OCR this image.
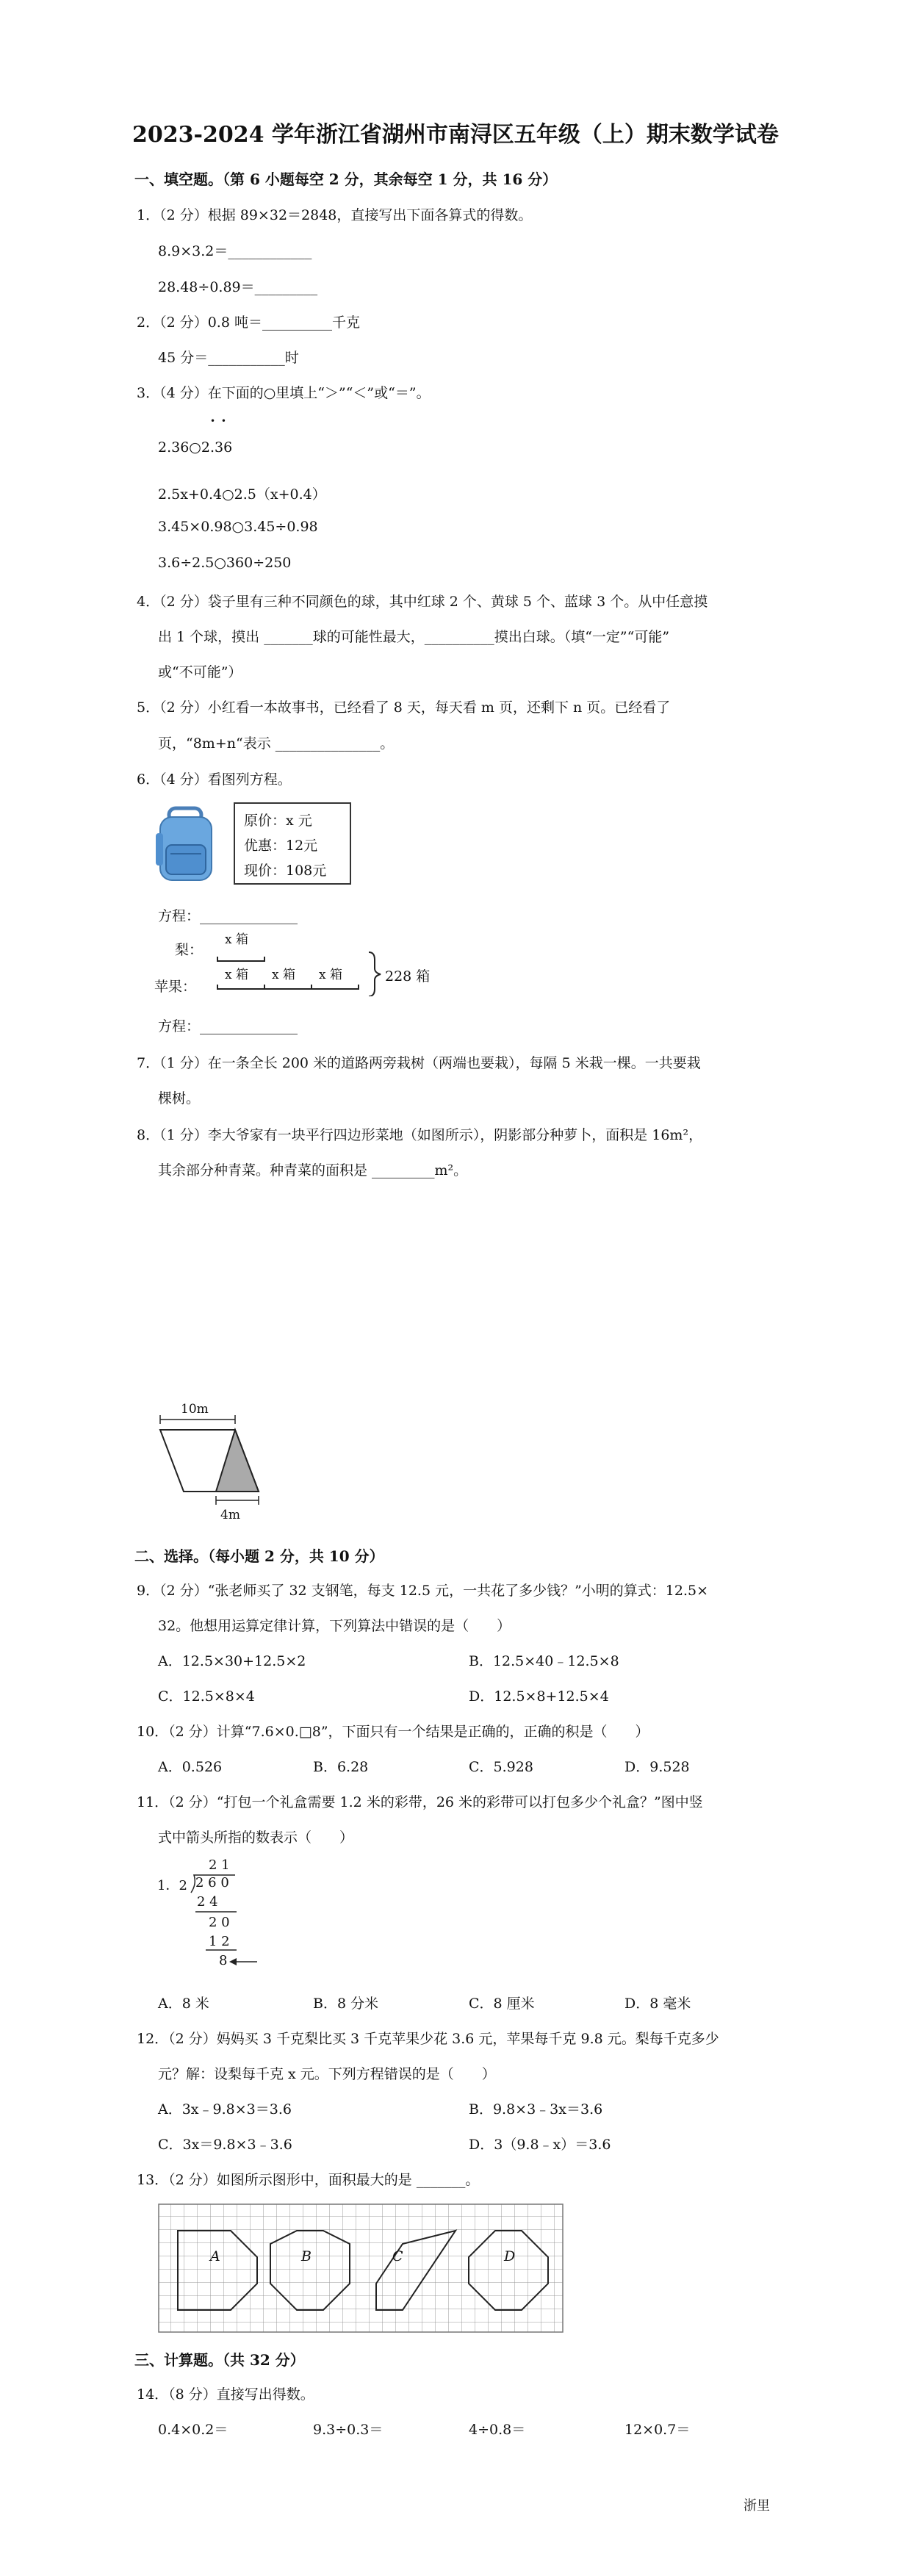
2023-2024 学年浙江省湖州市南浔区五年级（上）期末数学试卷
一、填空题。（第 6 小题每空 2 分，其余每空 1 分，共 16 分）
1．（2 分）根据 89×32＝2848，直接写出下面各算式的得数。
8.9×3.2＝____________
28.48÷0.89＝_________
2．（2 分）0.8 吨＝__________千克
45 分＝___________时
3．（4 分）在下面的○里填上“＞”“＜”或“＝”。
2.36○2.
• •
36
2.5x+0.4○2.5（x+0.4）
3.45×0.98○3.45÷0.98
3.6÷2.5○360÷250
4．（2 分）袋子里有三种不同颜色的球，其中红球 2 个、黄球 5 个、蓝球 3 个。从中任意摸
出 1 个球，摸出 _______球的可能性最大，__________摸出白球。（填“一定”“可能”
或“不可能”）
5．（2 分）小红看一本故事书，已经看了 8 天，每天看 m 页，还剩下 n 页。已经看了
页，“8m+n“表示 _______________。
6．（4 分）看图列方程。
原价：x 元
优惠：12元
现价：108元
方程：______________
梨：
x 箱
苹果：
x 箱 x 箱 x 箱	228 箱
方程：______________
7．（1 分）在一条全长 200 米的道路两旁栽树（两端也要栽），每隔 5 米栽一棵。一共要栽
棵树。
8．（1 分）李大爷家有一块平行四边形菜地（如图所示），阴影部分种萝卜，面积是 16m²，
其余部分种青菜。种青菜的面积是 _________m²。
10m
4m
二、选择。（每小题 2 分，共 10 分）
9．（2 分）“张老师买了 32 支钢笔，每支 12.5 元，一共花了多少钱？”小明的算式：12.5×
32。他想用运算定律计算，下列算法中错误的是（　　）
A．12.5×30+12.5×2	B．12.5×40﹣12.5×8
C．12.5×8×4	D．12.5×8+12.5×4
10．（2 分）计算“7.6×0.□8”，下面只有一个结果是正确的，正确的积是（　　）
A．0.526	B．6.28	C．5.928	D．9.528
11．（2 分）“打包一个礼盒需要 1.2 米的彩带，26 米的彩带可以打包多少个礼盒？”图中竖
式中箭头所指的数表示（　　）
2 1
1．2 2 6 0
2 4
2 0
1 2
8
A．8 米	B．8 分米	C．8 厘米	D．8 毫米
12．（2 分）妈妈买 3 千克梨比买 3 千克苹果少花 3.6 元，苹果每千克 9.8 元。梨每千克多少
元？解：设梨每千克 x 元。下列方程错误的是（　　）
A．3x﹣9.8×3＝3.6	B．9.8×3﹣3x＝3.6
C．3x＝9.8×3﹣3.6	D．3（9.8﹣x）＝3.6
13．（2 分）如图所示图形中，面积最大的是 _______。
A	B	C	D
三、计算题。（共 32 分）
14．（8 分）直接写出得数。
0.4×0.2＝	9.3÷0.3＝	4÷0.8＝	12×0.7＝
浙里
